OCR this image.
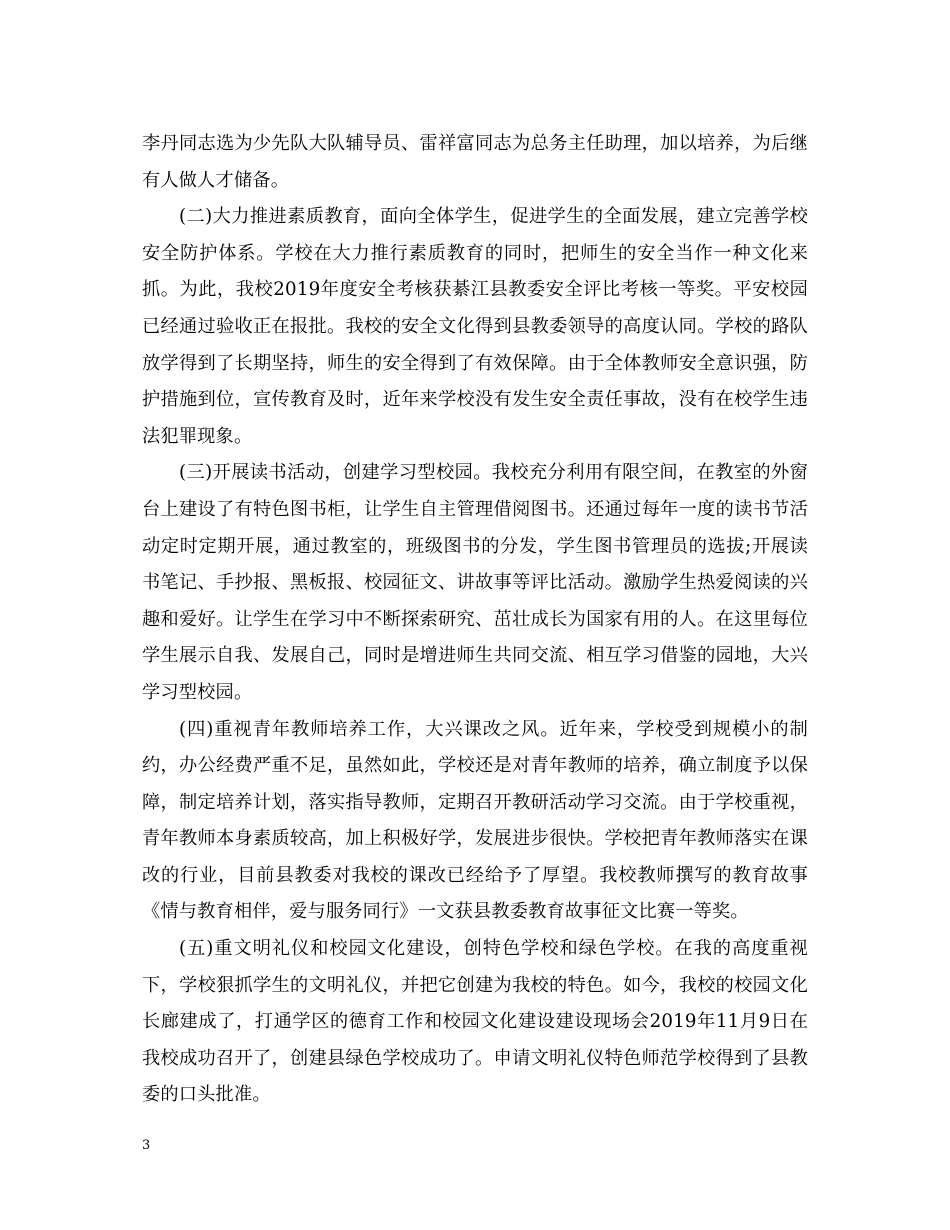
李丹同志选为少先队大队辅导员、雷祥富同志为总务主任助理，加以培养，为后继有人做人才储备。

(二)大力推进素质教育，面向全体学生，促进学生的全面发展，建立完善学校安全防护体系。学校在大力推行素质教育的同时，把师生的安全当作一种文化来抓。为此，我校2019年度安全考核获綦江县教委安全评比考核一等奖。平安校园已经通过验收正在报批。我校的安全文化得到县教委领导的高度认同。学校的路队放学得到了长期坚持，师生的安全得到了有效保障。由于全体教师安全意识强，防护措施到位，宣传教育及时，近年来学校没有发生安全责任事故，没有在校学生违法犯罪现象。

(三)开展读书活动，创建学习型校园。我校充分利用有限空间，在教室的外窗台上建设了有特色图书柜，让学生自主管理借阅图书。还通过每年一度的读书节活动定时定期开展，通过教室的，班级图书的分发，学生图书管理员的选拔;开展读书笔记、手抄报、黑板报、校园征文、讲故事等评比活动。激励学生热爱阅读的兴趣和爱好。让学生在学习中不断探索研究、茁壮成长为国家有用的人。在这里每位学生展示自我、发展自己，同时是增进师生共同交流、相互学习借鉴的园地，大兴学习型校园。

(四)重视青年教师培养工作，大兴课改之风。近年来，学校受到规模小的制约，办公经费严重不足，虽然如此，学校还是对青年教师的培养，确立制度予以保障，制定培养计划，落实指导教师，定期召开教研活动学习交流。由于学校重视，青年教师本身素质较高，加上积极好学，发展进步很快。学校把青年教师落实在课改的行业，目前县教委对我校的课改已经给予了厚望。我校教师撰写的教育故事《情与教育相伴，爱与服务同行》一文获县教委教育故事征文比赛一等奖。

(五)重文明礼仪和校园文化建设，创特色学校和绿色学校。在我的高度重视下，学校狠抓学生的文明礼仪，并把它创建为我校的特色。如今，我校的校园文化长廊建成了，打通学区的德育工作和校园文化建设建设现场会2019年11月9日在我校成功召开了，创建县绿色学校成功了。申请文明礼仪特色师范学校得到了县教委的口头批准。

3
